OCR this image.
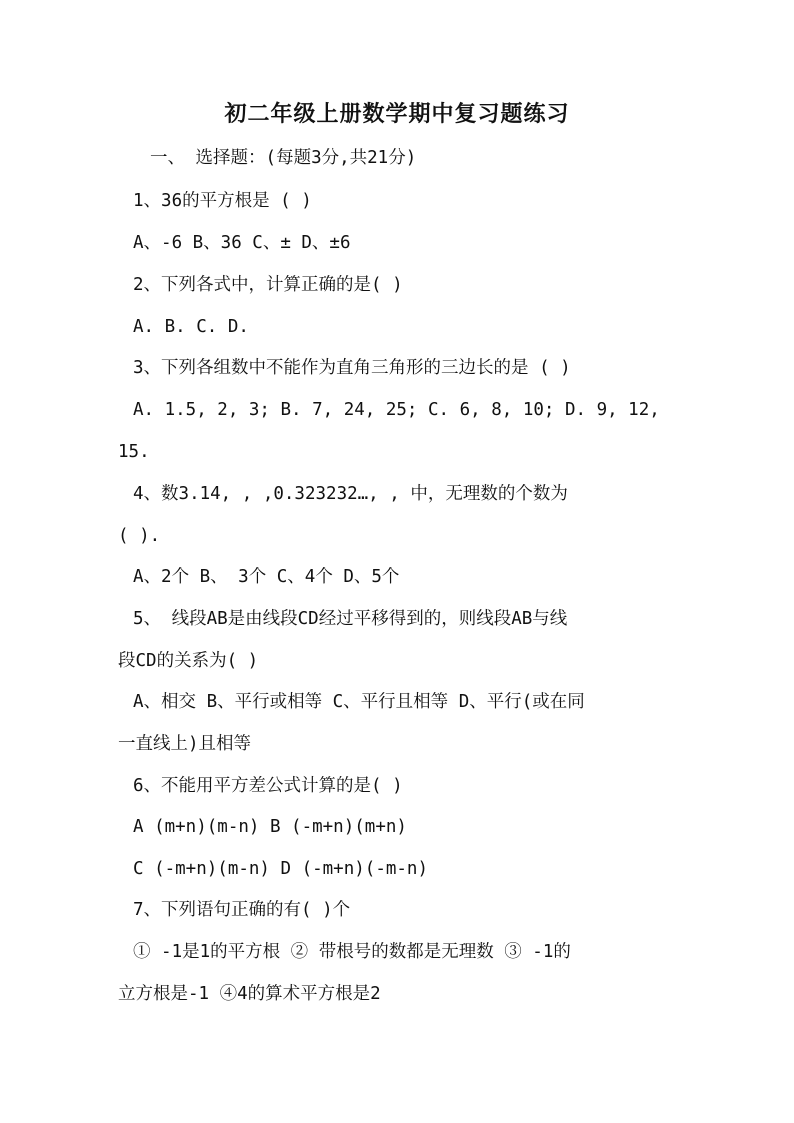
初二年级上册数学期中复习题练习
一、 选择题：(每题3分,共21分)
1、36的平方根是 ( )
A、-6 B、36 C、± D、±6
2、下列各式中，计算正确的是( )
A. B. C. D.
3、下列各组数中不能作为直角三角形的三边长的是 ( )
A. 1.5, 2, 3; B. 7, 24, 25; C. 6, 8, 10; D. 9, 12,
15.
4、数3.14, , ,0.323232…, , 中，无理数的个数为
( ).
A、2个 B、 3个 C、4个 D、5个
5、 线段AB是由线段CD经过平移得到的，则线段AB与线
段CD的关系为( )
A、相交 B、平行或相等 C、平行且相等 D、平行(或在同
一直线上)且相等
6、不能用平方差公式计算的是( )
A (m+n)(m-n) B (-m+n)(m+n)
C (-m+n)(m-n) D (-m+n)(-m-n)
7、下列语句正确的有( )个
① -1是1的平方根 ② 带根号的数都是无理数 ③ -1的
立方根是-1 ④4的算术平方根是2
